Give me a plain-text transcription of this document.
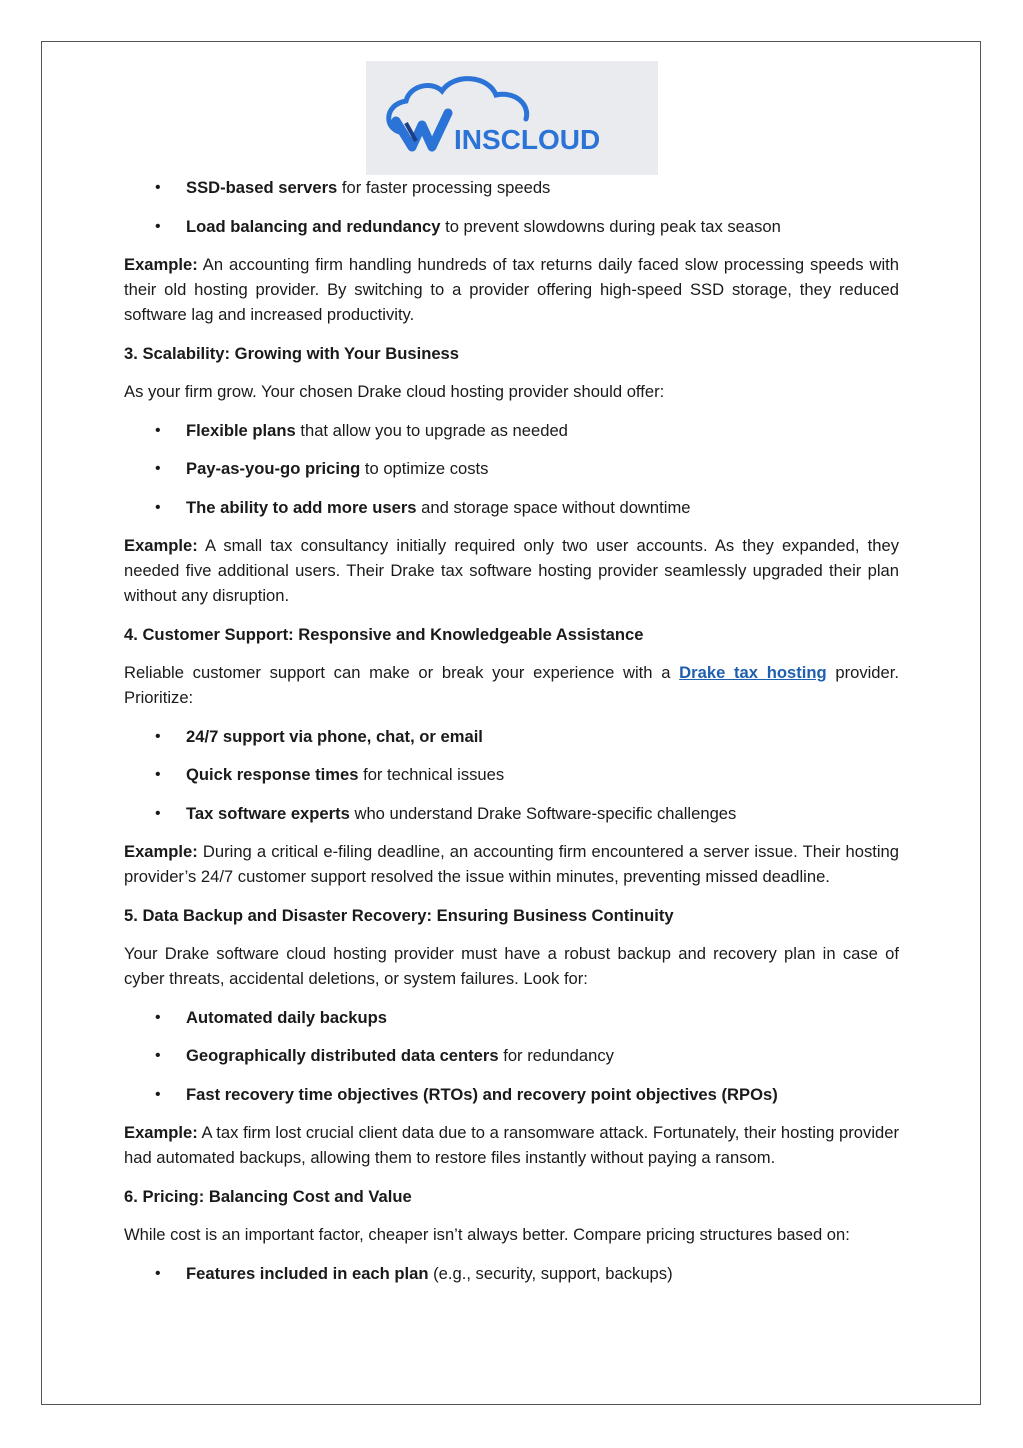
INSCLOUD
• SSD-based servers for faster processing speeds
• Load balancing and redundancy to prevent slowdowns during peak tax season

Example: An accounting firm handling hundreds of tax returns daily faced slow processing speeds with their old hosting provider. By switching to a provider offering high-speed SSD storage, they reduced software lag and increased productivity.

3. Scalability: Growing with Your Business

As your firm grow. Your chosen Drake cloud hosting provider should offer:

• Flexible plans that allow you to upgrade as needed
• Pay-as-you-go pricing to optimize costs
• The ability to add more users and storage space without downtime

Example: A small tax consultancy initially required only two user accounts. As they expanded, they needed five additional users. Their Drake tax software hosting provider seamlessly upgraded their plan without any disruption.

4. Customer Support: Responsive and Knowledgeable Assistance

Reliable customer support can make or break your experience with a Drake tax hosting provider. Prioritize:

• 24/7 support via phone, chat, or email
• Quick response times for technical issues
• Tax software experts who understand Drake Software-specific challenges

Example: During a critical e-filing deadline, an accounting firm encountered a server issue. Their hosting provider’s 24/7 customer support resolved the issue within minutes, preventing missed deadline.

5. Data Backup and Disaster Recovery: Ensuring Business Continuity

Your Drake software cloud hosting provider must have a robust backup and recovery plan in case of cyber threats, accidental deletions, or system failures. Look for:

• Automated daily backups
• Geographically distributed data centers for redundancy
• Fast recovery time objectives (RTOs) and recovery point objectives (RPOs)

Example: A tax firm lost crucial client data due to a ransomware attack. Fortunately, their hosting provider had automated backups, allowing them to restore files instantly without paying a ransom.

6. Pricing: Balancing Cost and Value

While cost is an important factor, cheaper isn’t always better. Compare pricing structures based on:

• Features included in each plan (e.g., security, support, backups)
